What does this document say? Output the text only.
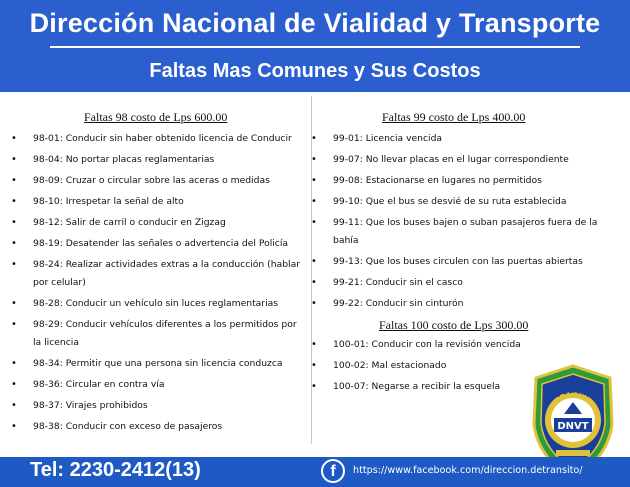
Dirección Nacional de Vialidad y Transporte
Faltas Mas Comunes y Sus Costos
Faltas 98 costo de Lps 600.00
• 98-01: Conducir sin haber obtenido licencia de Conducir
• 98-04: No portar placas reglamentarias
• 98-09: Cruzar o circular sobre las aceras o medidas
• 98-10: Irrespetar la señal de alto
• 98-12: Salir de carril o conducir en Zigzag
• 98-19: Desatender las señales o advertencia del Policía
• 98-24: Realizar actividades extras a la conducción (hablar por celular)
• 98-28: Conducir un vehículo sin luces reglamentarias
• 98-29: Conducir vehículos diferentes a los permitidos por la licencia
• 98-34: Permitir que una persona sin licencia conduzca
• 98-36: Circular en contra vía
• 98-37: Virajes prohibidos
• 98-38: Conducir con exceso de pasajeros
Faltas 99 costo de Lps 400.00
• 99-01: Licencia vencida
• 99-07: No llevar placas en el lugar correspondiente
• 99-08: Estacionarse en lugares no permitidos
• 99-10: Que el bus se desvié de su ruta establecida
• 99-11: Que los buses bajen o suban pasajeros fuera de la bahía
• 99-13: Que los buses circulen con las puertas abiertas
• 99-21: Conducir sin el casco
• 99-22: Conducir sin cinturón
Faltas 100 costo de Lps 300.00
• 100-01: Conducir con la revisión vencida
• 100-02: Mal estacionado
• 100-07: Negarse a recibir la esquela
POLICIA
DNVT
Tel: 2230-2412(13)	f	https://www.facebook.com/direccion.detransito/
